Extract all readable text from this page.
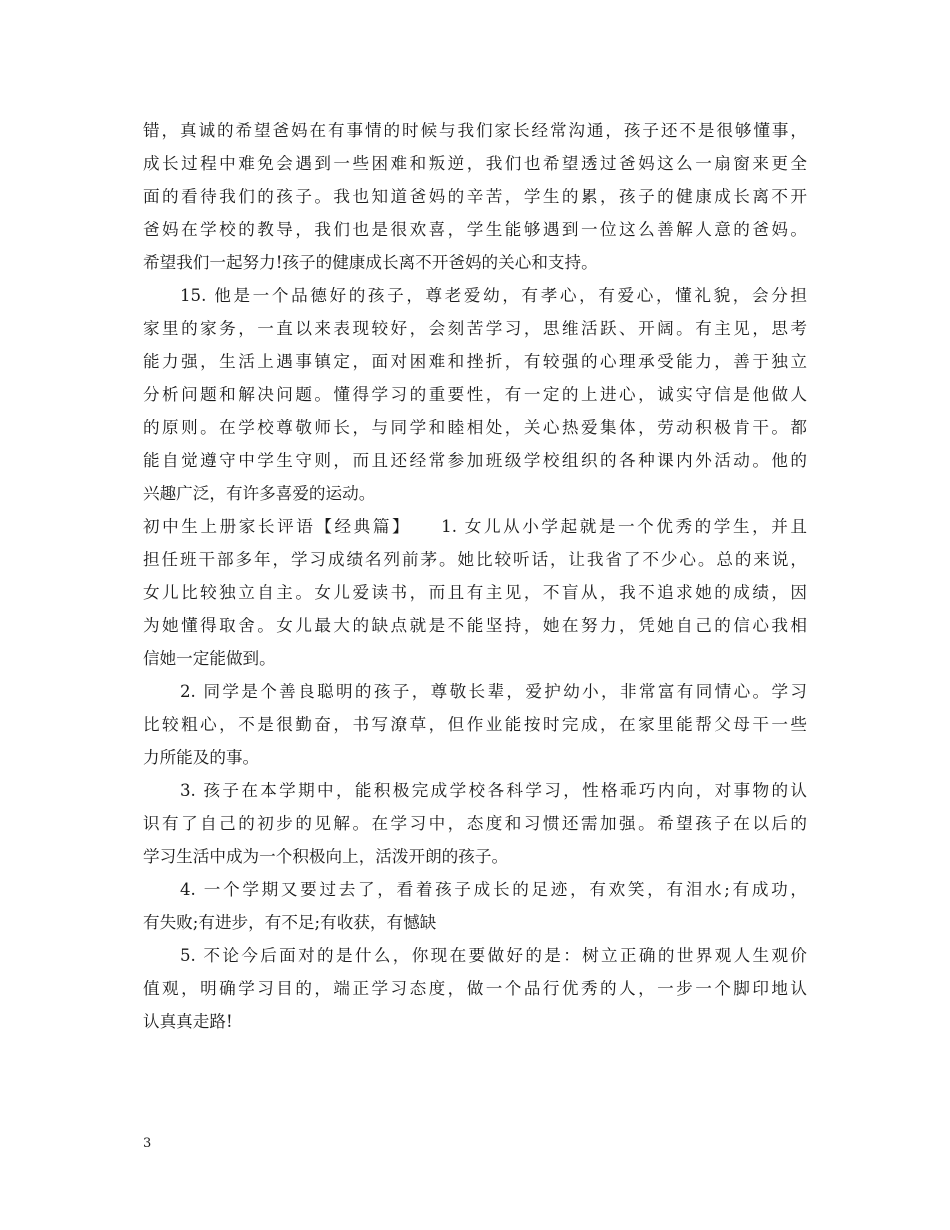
错，真诚的希望爸妈在有事情的时候与我们家长经常沟通，孩子还不是很够懂事，
成长过程中难免会遇到一些困难和叛逆，我们也希望透过爸妈这么一扇窗来更全
面的看待我们的孩子。我也知道爸妈的辛苦，学生的累，孩子的健康成长离不开
爸妈在学校的教导，我们也是很欢喜，学生能够遇到一位这么善解人意的爸妈。
希望我们一起努力!孩子的健康成长离不开爸妈的关心和支持。
15. 他是一个品德好的孩子，尊老爱幼，有孝心，有爱心，懂礼貌，会分担
家里的家务，一直以来表现较好，会刻苦学习，思维活跃、开阔。有主见，思考
能力强，生活上遇事镇定，面对困难和挫折，有较强的心理承受能力，善于独立
分析问题和解决问题。懂得学习的重要性，有一定的上进心，诚实守信是他做人
的原则。在学校尊敬师长，与同学和睦相处，关心热爱集体，劳动积极肯干。都
能自觉遵守中学生守则，而且还经常参加班级学校组织的各种课内外活动。他的
兴趣广泛，有许多喜爱的运动。
初中生上册家长评语【经典篇】　　1. 女儿从小学起就是一个优秀的学生，并且
担任班干部多年，学习成绩名列前茅。她比较听话，让我省了不少心。总的来说，
女儿比较独立自主。女儿爱读书，而且有主见，不盲从，我不追求她的成绩，因
为她懂得取舍。女儿最大的缺点就是不能坚持，她在努力，凭她自己的信心我相
信她一定能做到。
2. 同学是个善良聪明的孩子，尊敬长辈，爱护幼小，非常富有同情心。学习
比较粗心，不是很勤奋，书写潦草，但作业能按时完成，在家里能帮父母干一些
力所能及的事。
3. 孩子在本学期中，能积极完成学校各科学习，性格乖巧内向，对事物的认
识有了自己的初步的见解。在学习中，态度和习惯还需加强。希望孩子在以后的
学习生活中成为一个积极向上，活泼开朗的孩子。
4. 一个学期又要过去了，看着孩子成长的足迹，有欢笑，有泪水;有成功，
有失败;有进步，有不足;有收获，有憾缺
5. 不论今后面对的是什么，你现在要做好的是：树立正确的世界观人生观价
值观，明确学习目的，端正学习态度，做一个品行优秀的人，一步一个脚印地认
认真真走路!
3
